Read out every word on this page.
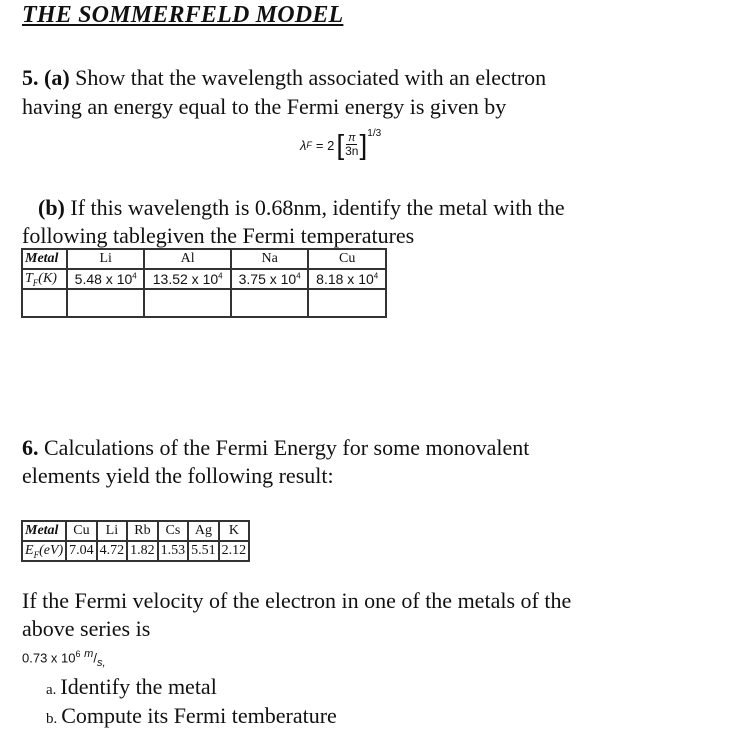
THE SOMMERFELD MODEL
5. (a) Show that the wavelength associated with an electron
having an energy equal to the Fermi energy is given by
λ F = 2 [ $\frac{\pi}{3n}$ ] 1/3
(b) If this wavelength is 0.68nm, identify the metal with the
following tablegiven the Fermi temperatures
Metal	Li	Al	Na	Cu
$T_F(K)$	5.48 x $10^4$	13.52 x $10^4$	3.75 x $10^4$	8.18 x $10^4$

6. Calculations of the Fermi Energy for some monovalent
elements yield the following result:
Metal	Cu	Li	Rb	Cs	Ag	K
$E_F(eV)$	7.04	4.72	1.82	1.53	5.51	2.12
If the Fermi velocity of the electron in one of the metals of the
above series is
0.73 x $10^6$ $^m/_{s,}$
a. Identify the metal
b. Compute its Fermi temberature
